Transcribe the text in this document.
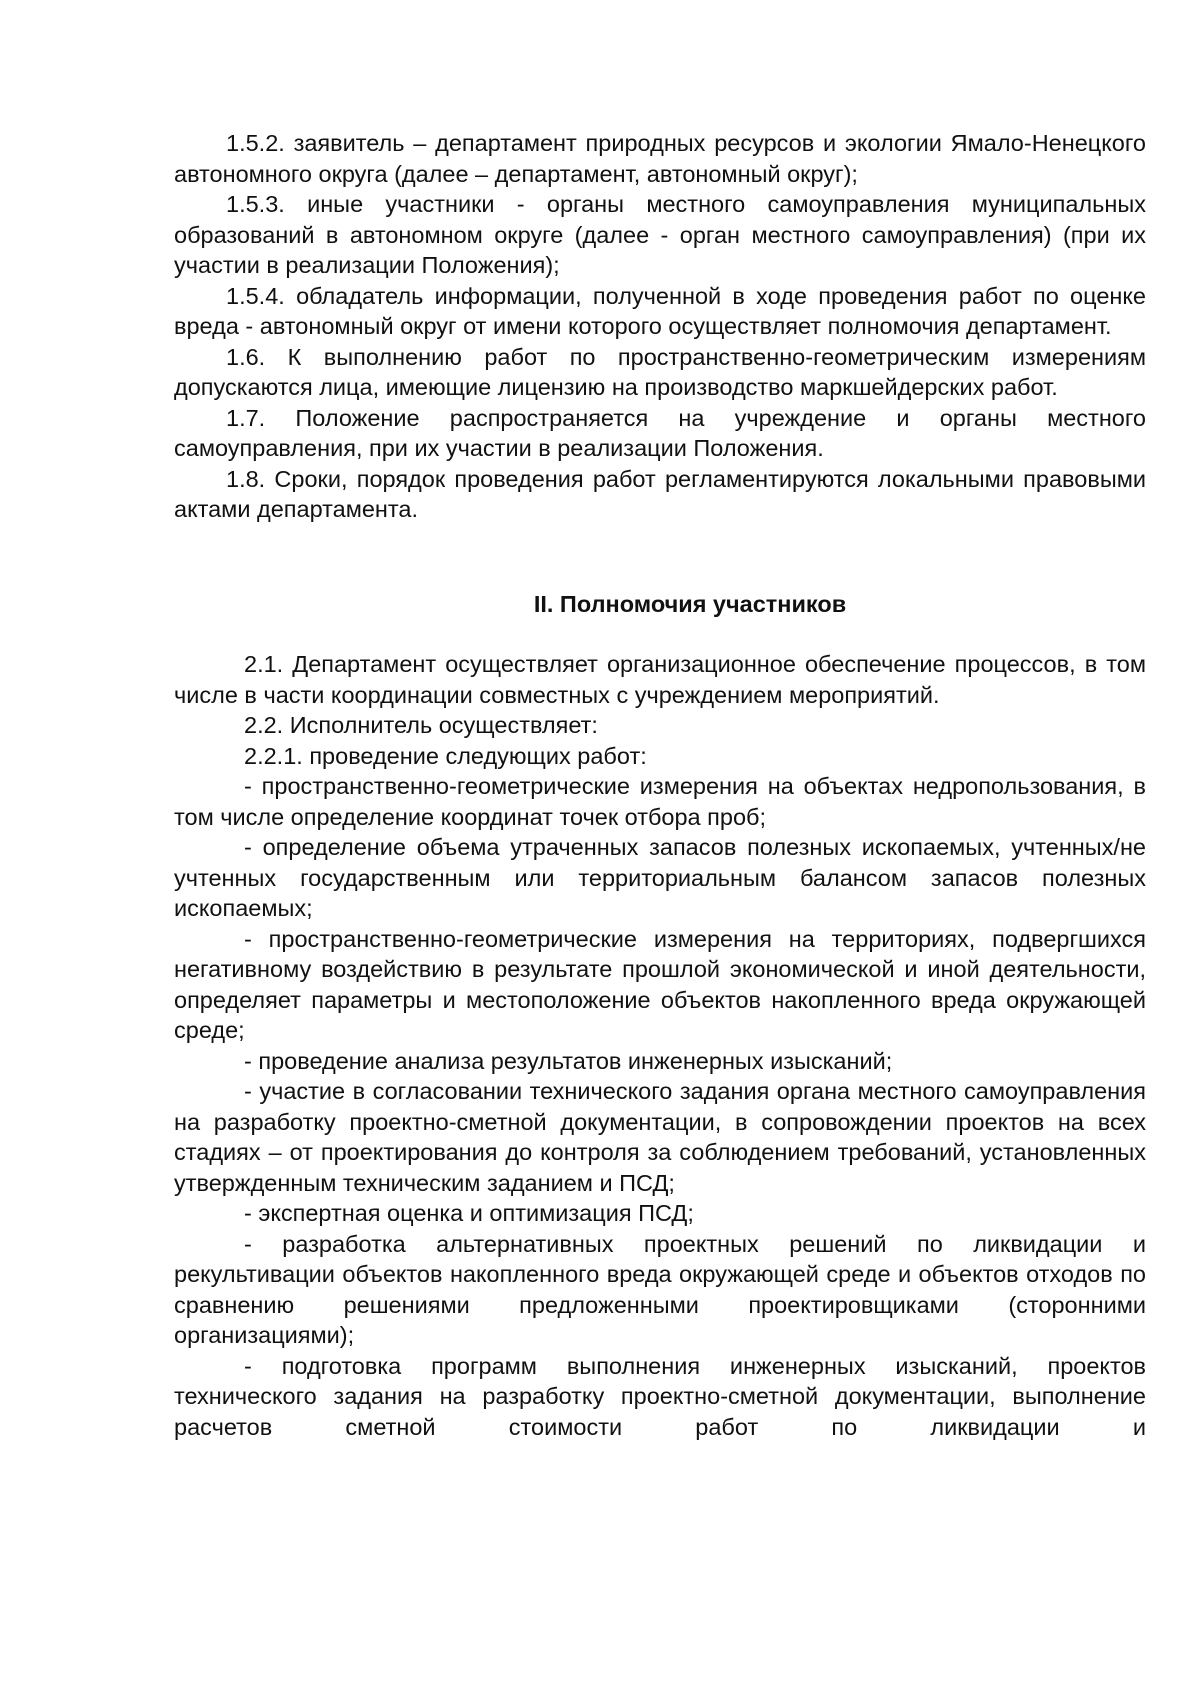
1.5.2. заявитель – департамент природных ресурсов и экологии Ямало-Ненецкого автономного округа (далее – департамент, автономный округ);

1.5.3. иные участники - органы местного самоуправления муниципальных образований в автономном округе (далее - орган местного самоуправления) (при их участии в реализации Положения);

1.5.4. обладатель информации, полученной в ходе проведения работ по оценке вреда - автономный округ от имени которого осуществляет полномочия департамент.

1.6. К выполнению работ по пространственно-геометрическим измерениям допускаются лица, имеющие лицензию на производство маркшейдерских работ.

1.7. Положение распространяется на учреждение и органы местного самоуправления, при их участии в реализации Положения.

1.8. Сроки, порядок проведения работ регламентируются локальными правовыми актами департамента.

II. Полномочия участников

2.1. Департамент осуществляет организационное обеспечение процессов, в том числе в части координации совместных с учреждением мероприятий.

2.2. Исполнитель осуществляет:

2.2.1. проведение следующих работ:

- пространственно-геометрические измерения на объектах недропользования, в том числе определение координат точек отбора проб;

- определение объема утраченных запасов полезных ископаемых, учтенных/не учтенных государственным или территориальным балансом запасов полезных ископаемых;

- пространственно-геометрические измерения на территориях, подвергшихся негативному воздействию в результате прошлой экономической и иной деятельности, определяет параметры и местоположение объектов накопленного вреда окружающей среде;

- проведение анализа результатов инженерных изысканий;

- участие в согласовании технического задания органа местного самоуправления на разработку проектно-сметной документации, в сопровождении проектов на всех стадиях – от проектирования до контроля за соблюдением требований, установленных утвержденным техническим заданием и ПСД;

- экспертная оценка и оптимизация ПСД;

- разработка альтернативных проектных решений по ликвидации и рекультивации объектов накопленного вреда окружающей среде и объектов отходов по сравнению решениями предложенными проектировщиками (сторонними организациями);

- подготовка программ выполнения инженерных изысканий, проектов технического задания на разработку проектно-сметной документации, выполнение расчетов сметной стоимости работ по ликвидации и
